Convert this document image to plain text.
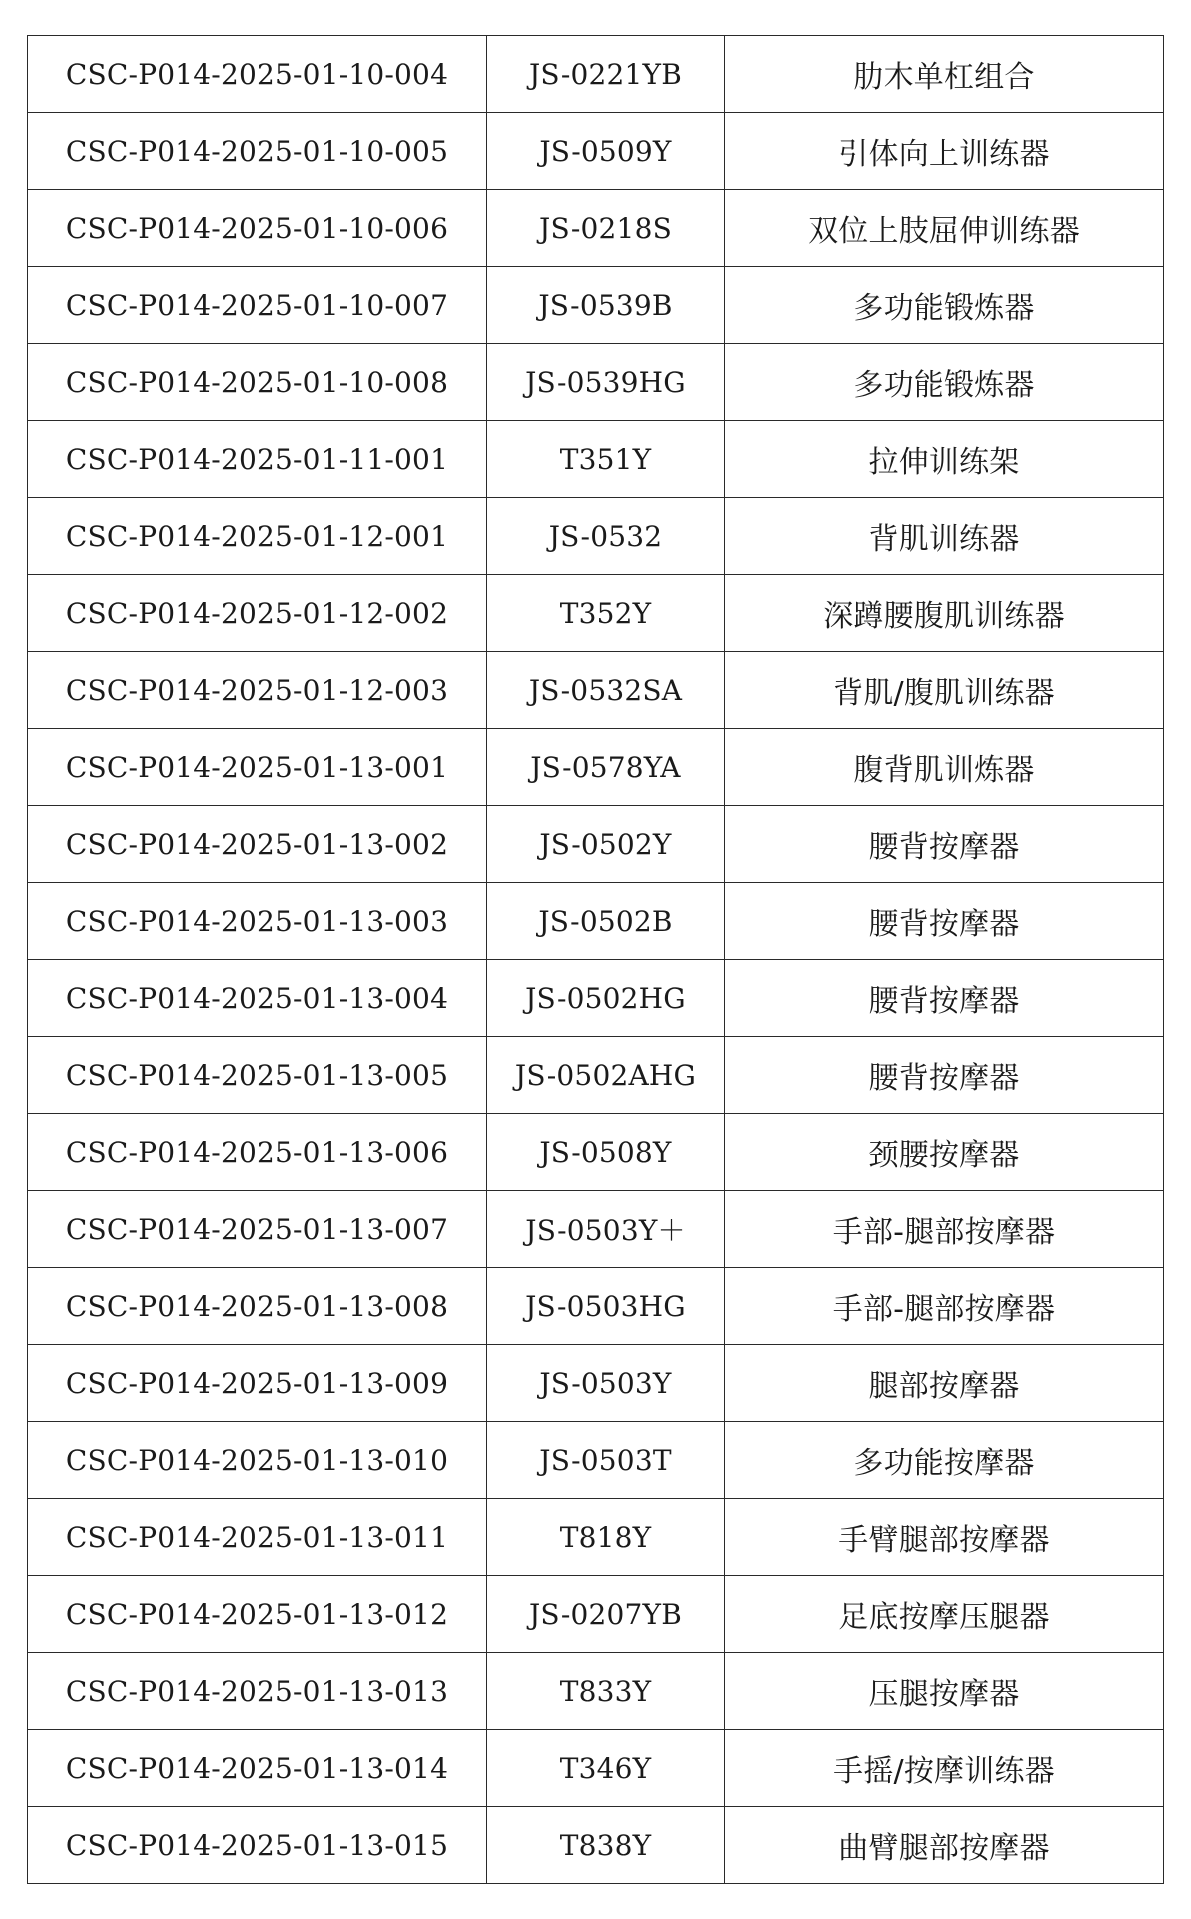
CSC-P014-2025-01-10-004	JS-0221YB	肋木单杠组合
CSC-P014-2025-01-10-005	JS-0509Y	引体向上训练器
CSC-P014-2025-01-10-006	JS-0218S	双位上肢屈伸训练器
CSC-P014-2025-01-10-007	JS-0539B	多功能锻炼器
CSC-P014-2025-01-10-008	JS-0539HG	多功能锻炼器
CSC-P014-2025-01-11-001	T351Y	拉伸训练架
CSC-P014-2025-01-12-001	JS-0532	背肌训练器
CSC-P014-2025-01-12-002	T352Y	深蹲腰腹肌训练器
CSC-P014-2025-01-12-003	JS-0532SA	背肌/腹肌训练器
CSC-P014-2025-01-13-001	JS-0578YA	腹背肌训炼器
CSC-P014-2025-01-13-002	JS-0502Y	腰背按摩器
CSC-P014-2025-01-13-003	JS-0502B	腰背按摩器
CSC-P014-2025-01-13-004	JS-0502HG	腰背按摩器
CSC-P014-2025-01-13-005	JS-0502AHG	腰背按摩器
CSC-P014-2025-01-13-006	JS-0508Y	颈腰按摩器
CSC-P014-2025-01-13-007	JS-0503Y＋	手部-腿部按摩器
CSC-P014-2025-01-13-008	JS-0503HG	手部-腿部按摩器
CSC-P014-2025-01-13-009	JS-0503Y	腿部按摩器
CSC-P014-2025-01-13-010	JS-0503T	多功能按摩器
CSC-P014-2025-01-13-011	T818Y	手臂腿部按摩器
CSC-P014-2025-01-13-012	JS-0207YB	足底按摩压腿器
CSC-P014-2025-01-13-013	T833Y	压腿按摩器
CSC-P014-2025-01-13-014	T346Y	手摇/按摩训练器
CSC-P014-2025-01-13-015	T838Y	曲臂腿部按摩器
